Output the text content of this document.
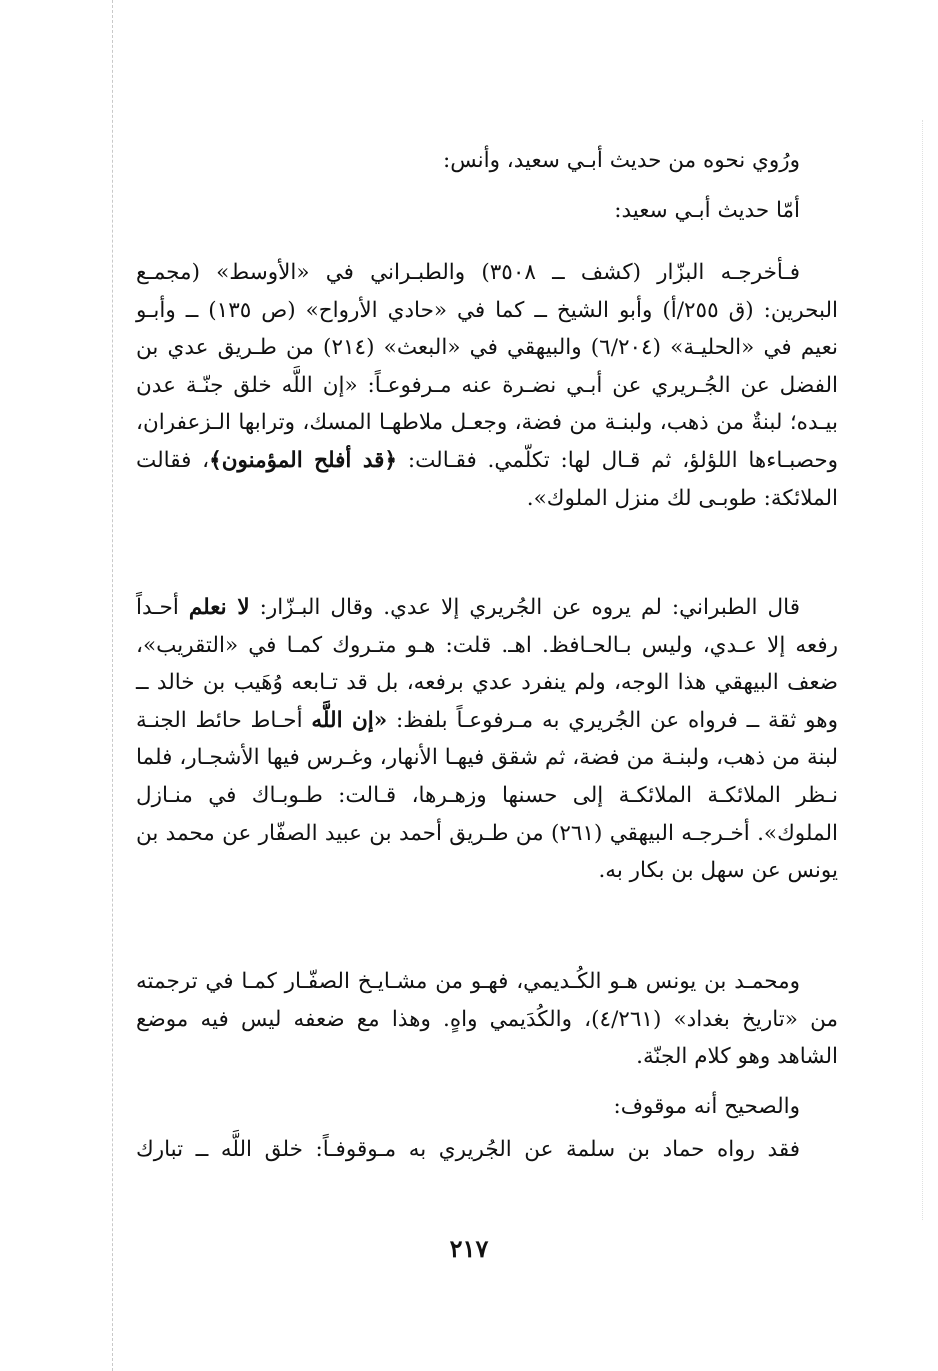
ورُوي نحوه من حديث أبـي سعيد، وأنس:

أمّا حديث أبـي سعيد:

فـأخرجـه البزّار (كشف ــ ٣٥٠٨) والطبـراني في «الأوسط» (مجمـع البحرين: (ق ٢٥٥/أ) وأبو الشيخ ــ كما في «حادي الأرواح» (ص ١٣٥) ــ وأبـو نعيم في «الحليـة» (٦/٢٠٤) والبيهقي في «البعث» (٢١٤) من طـريق عدي بن الفضل عن الجُـريري عن أبـي نضـرة عنه مـرفوعـاً: «إن اللَّه خلق جنّـة عدن بيـده؛ لبنةٌ من ذهب، ولبنـة من فضة، وجعـل ملاطهـا المسك، وترابها الـزعفران، وحصبـاءها اللؤلؤ، ثم قـال لها: تكلّمي. فقـالت: ﴿قد أفلح المؤمنون﴾، فقالت الملائكة: طوبـى لك منزل الملوك».

قال الطبراني: لم يروه عن الجُريري إلا عدي. وقال البـزّار: لا نعلم أحـداً رفعه إلا عـدي، وليس بـالحـافظ. اهـ. قلت: هـو متـروك كمـا في «التقريب»، ضعف البيهقي هذا الوجه، ولم ينفرد عدي برفعه، بل قد تـابعه وُهَيب بن خالد ــ وهو ثقة ــ فرواه عن الجُريري به مـرفوعـاً بلفظ: «إن اللَّه أحـاط حائط الجنـة لبنة من ذهب، ولبنـة من فضة، ثم شقق فيهـا الأنهار، وغـرس فيها الأشجـار، فلما نـظر الملائكـة الملائكـة إلى حسنها وزهـرها، قـالت: طـوبـاك في منـازل الملوك». أخـرجـه البيهقي (٢٦١) من طـريق أحمد بن عبيد الصفّار عن محمد بن يونس عن سهل بن بكار به.

ومحمـد بن يونس هـو الكُـديمي، فهـو من مشـايـخ الصفّـار كمـا في ترجمته من «تاريخ بغداد» (٤/٢٦١)، والكُدَيمي واهٍ. وهذا مع ضعفه ليس فيه موضع الشاهد وهو كلام الجنّة.

والصحيح أنه موقوف:

فقد رواه حماد بن سلمة عن الجُريري به مـوقوفـاً: خلق اللَّه ــ تبارك

٢١٧
